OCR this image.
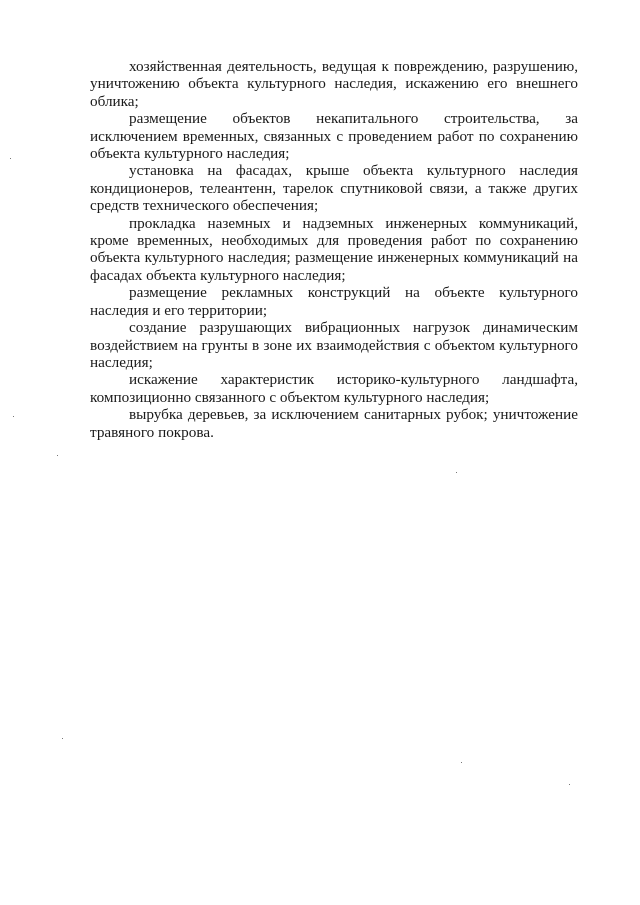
хозяйственная деятельность, ведущая к повреждению, разрушению, уничтожению объекта культурного наследия, искажению его внешнего облика;

размещение объектов некапитального строительства, за исключением временных, связанных с проведением работ по сохранению объекта культурного наследия;

установка на фасадах, крыше объекта культурного наследия кондиционеров, телеантенн, тарелок спутниковой связи, а также других средств технического обеспечения;

прокладка наземных и надземных инженерных коммуникаций, кроме временных, необходимых для проведения работ по сохранению объекта культурного наследия; размещение инженерных коммуникаций на фасадах объекта культурного наследия;

размещение рекламных конструкций на объекте культурного наследия и его территории;

создание разрушающих вибрационных нагрузок динамическим воздействием на грунты в зоне их взаимодействия с объектом культурного наследия;

искажение характеристик историко-культурного ландшафта, композиционно связанного с объектом культурного наследия;

вырубка деревьев, за исключением санитарных рубок; уничтожение травяного покрова.
